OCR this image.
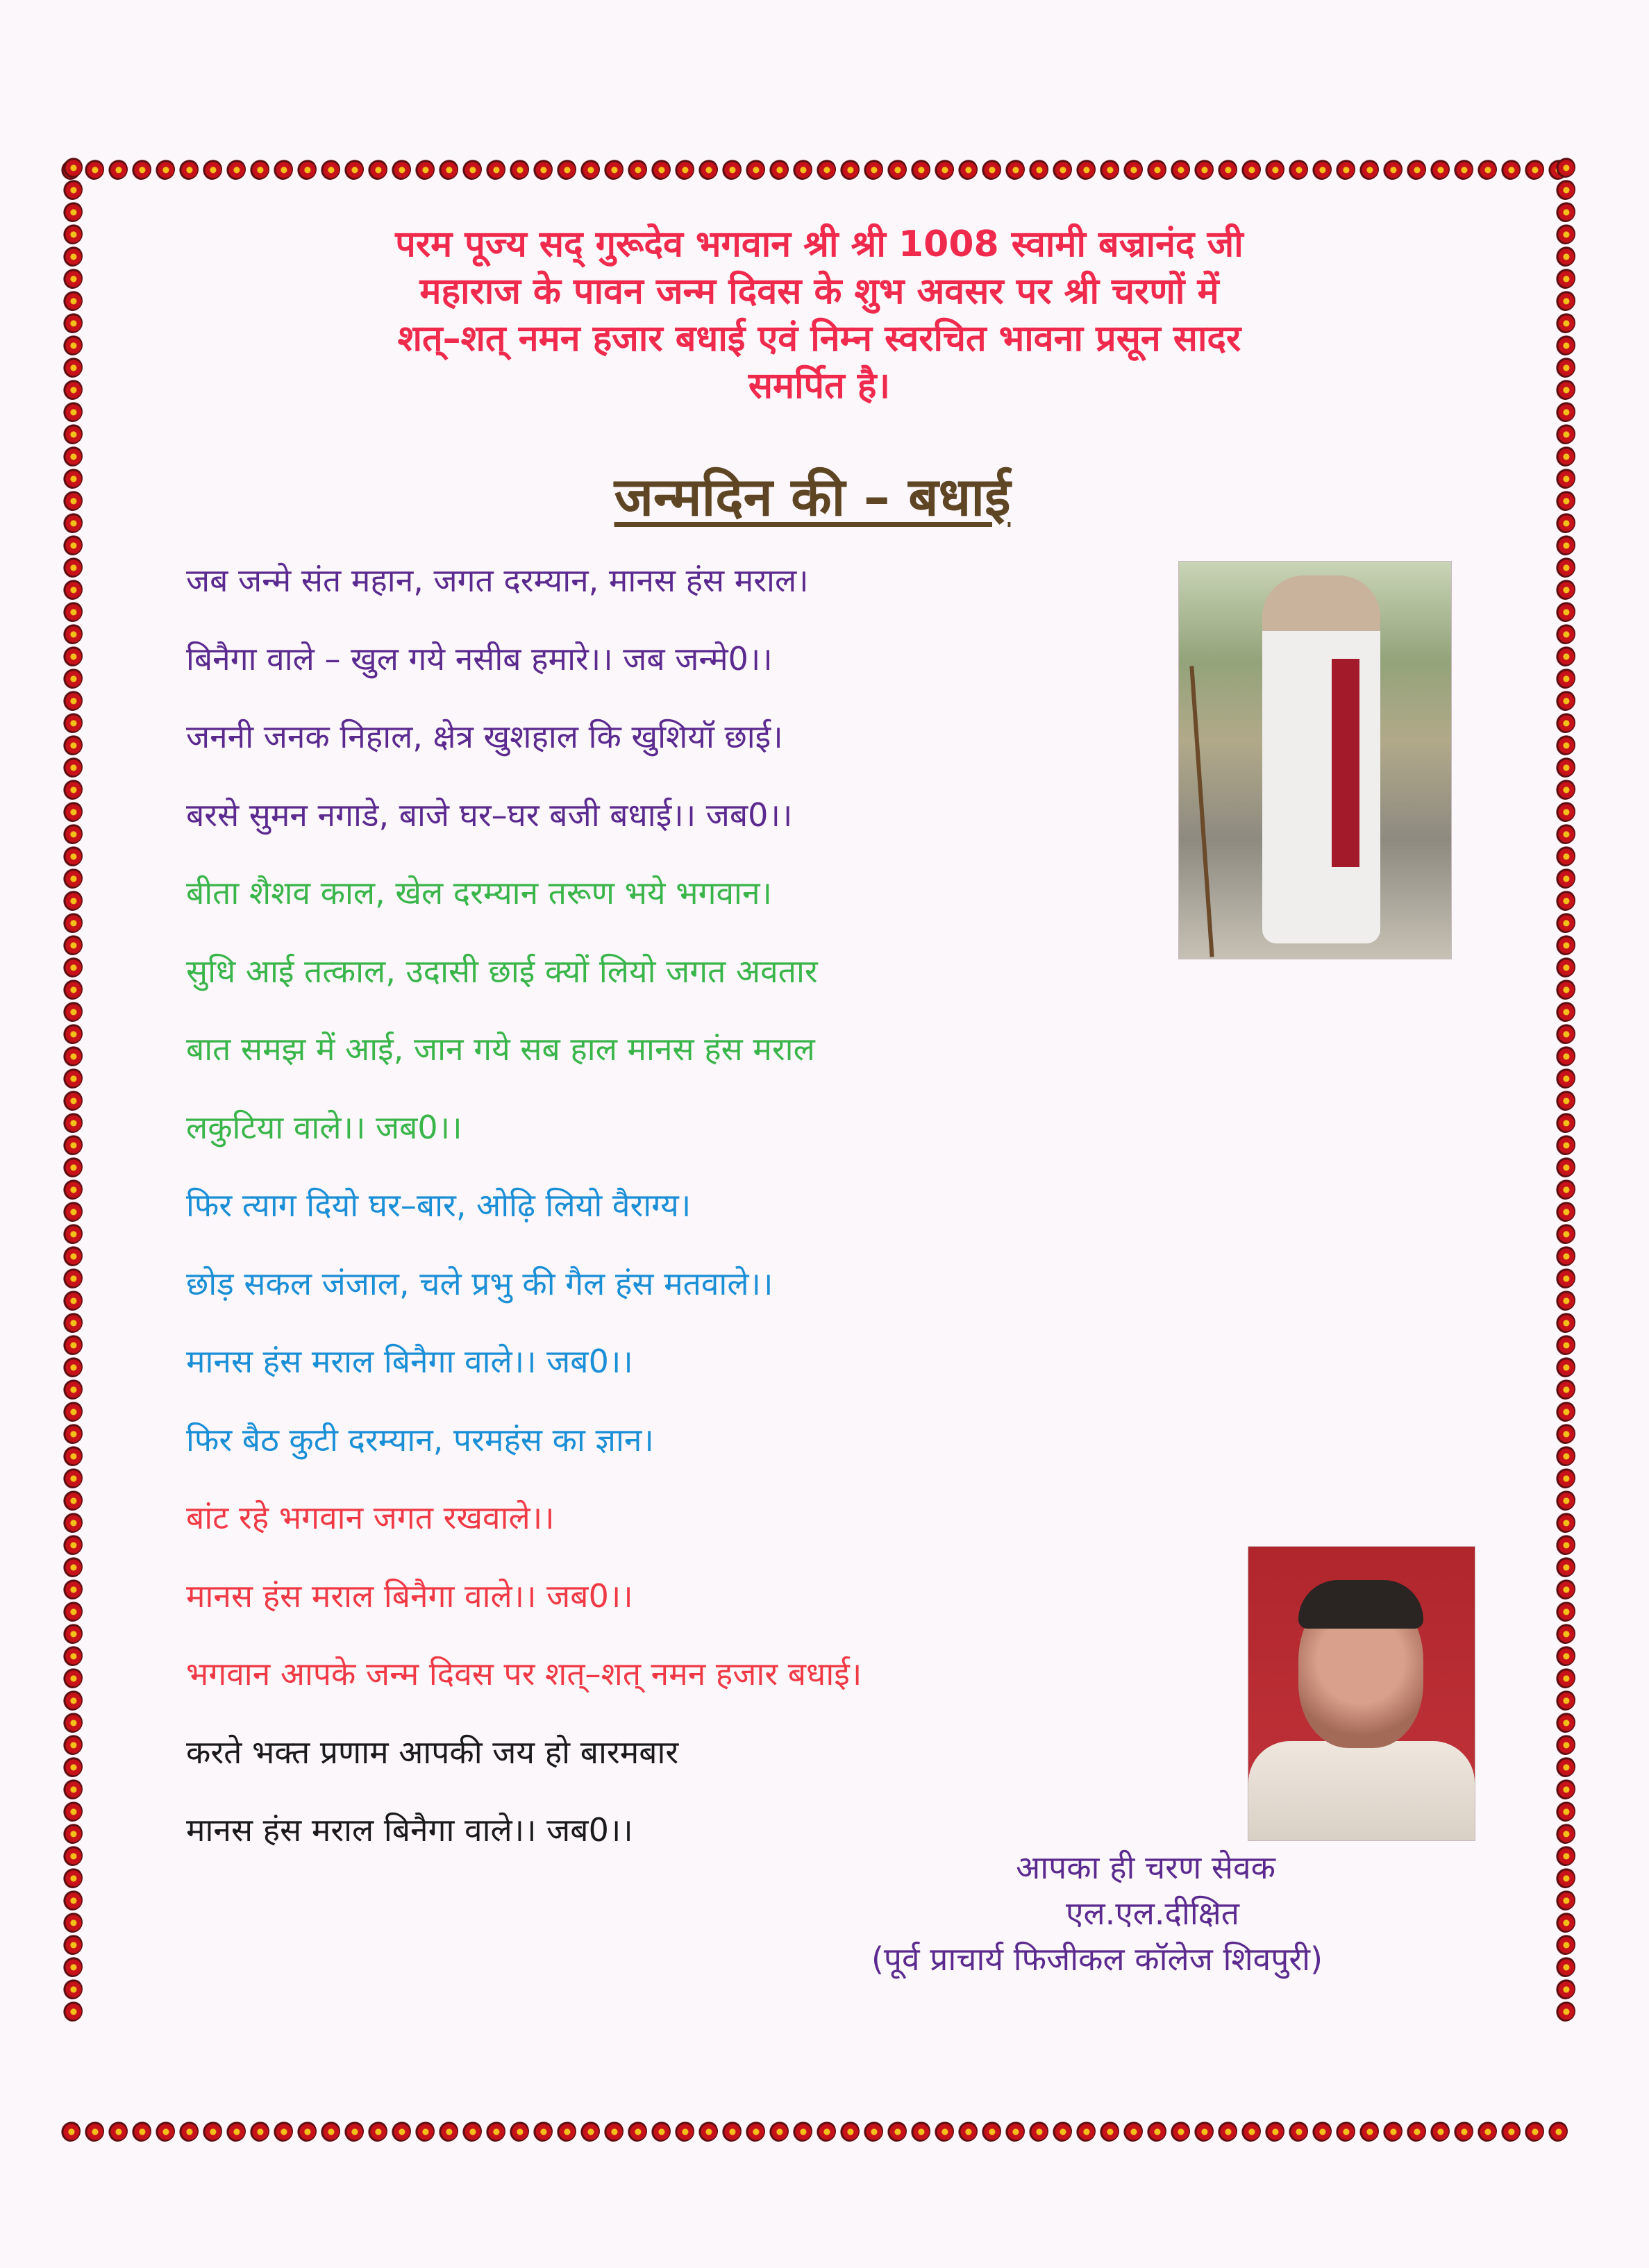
परम पूज्य सद् गुरूदेव भगवान श्री श्री 1008 स्वामी बज्रानंद जी
महाराज के पावन जन्म दिवस के शुभ अवसर पर श्री चरणों में
शत्–शत् नमन हजार बधाई एवं निम्न स्वरचित भावना प्रसून सादर
समर्पित है।
जन्मदिन की – बधाई
जब जन्मे संत महान, जगत दरम्यान, मानस हंस मराल।
बिनैगा वाले – खुल गये नसीब हमारे।। जब जन्मे0।।
जननी जनक निहाल, क्षेत्र खुशहाल कि खुशियॉ छाई।
बरसे सुमन नगाडे, बाजे घर–घर बजी बधाई।। जब0।।
बीता शैशव काल, खेल दरम्यान तरूण भये भगवान।
सुधि आई तत्काल, उदासी छाई क्यों लियो जगत अवतार
बात समझ में आई, जान गये सब हाल मानस हंस मराल
लकुटिया वाले।। जब0।।
फिर त्याग दियो घर–बार, ओढ़ि लियो वैराग्य।
छोड़ सकल जंजाल, चले प्रभु की गैल हंस मतवाले।।
मानस हंस मराल बिनैगा वाले।। जब0।।
फिर बैठ कुटी दरम्यान, परमहंस का ज्ञान।
बांट रहे भगवान जगत रखवाले।।
मानस हंस मराल बिनैगा वाले।। जब0।।
भगवान आपके जन्म दिवस पर शत्–शत् नमन हजार बधाई।
करते भक्त प्रणाम आपकी जय हो बारमबार
मानस हंस मराल बिनैगा वाले।। जब0।।
आपका ही चरण सेवक
एल.एल.दीक्षित
(पूर्व प्राचार्य फिजीकल कॉलेज शिवपुरी)
